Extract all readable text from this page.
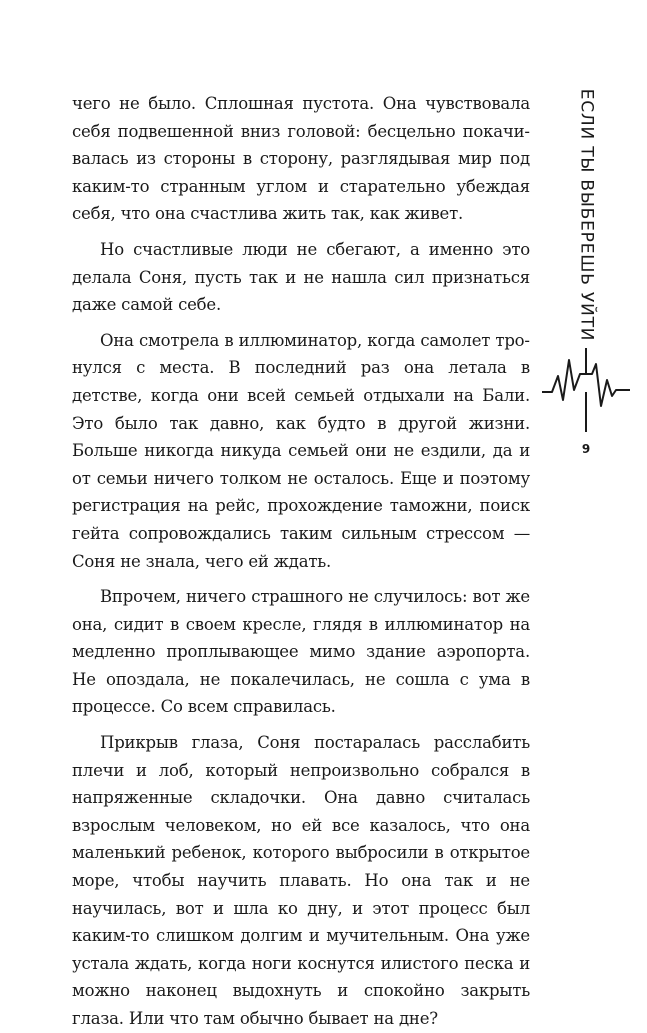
чего не было. Сплошная пустота. Она чувствовала себя подвешенной вниз головой: бесцельно покачивалась из стороны в сторону, разглядывая мир под каким-то странным углом и старательно убеждая себя, что она счастлива жить так, как живет.

Но счастливые люди не сбегают, а именно это делала Соня, пусть так и не нашла сил признаться даже самой себе.

Она смотрела в иллюминатор, когда самолет тронулся с места. В последний раз она летала в детстве, когда они всей семьей отдыхали на Бали. Это было так давно, как будто в другой жизни. Больше никогда никуда семьей они не ездили, да и от семьи ничего толком не осталось. Еще и поэтому регистрация на рейс, прохождение таможни, поиск гейта сопровождались таким сильным стрессом — Соня не знала, чего ей ждать.

Впрочем, ничего страшного не случилось: вот же она, сидит в своем кресле, глядя в иллюминатор на медленно проплывающее мимо здание аэропорта. Не опоздала, не покалечилась, не сошла с ума в процессе. Со всем справилась.

Прикрыв глаза, Соня постаралась расслабить плечи и лоб, который непроизвольно собрался в напряженные складочки. Она давно считалась взрослым человеком, но ей все казалось, что она маленький ребенок, которого выбросили в открытое море, чтобы научить плавать. Но она так и не научилась, вот и шла ко дну, и этот процесс был каким-то слишком долгим и мучительным. Она уже устала ждать, когда ноги коснутся илистого песка и можно наконец выдохнуть и спокойно закрыть глаза. Или что там обычно бывает на дне?

ЕСЛИ ТЫ ВЫБЕРЕШЬ УЙТИ
9
